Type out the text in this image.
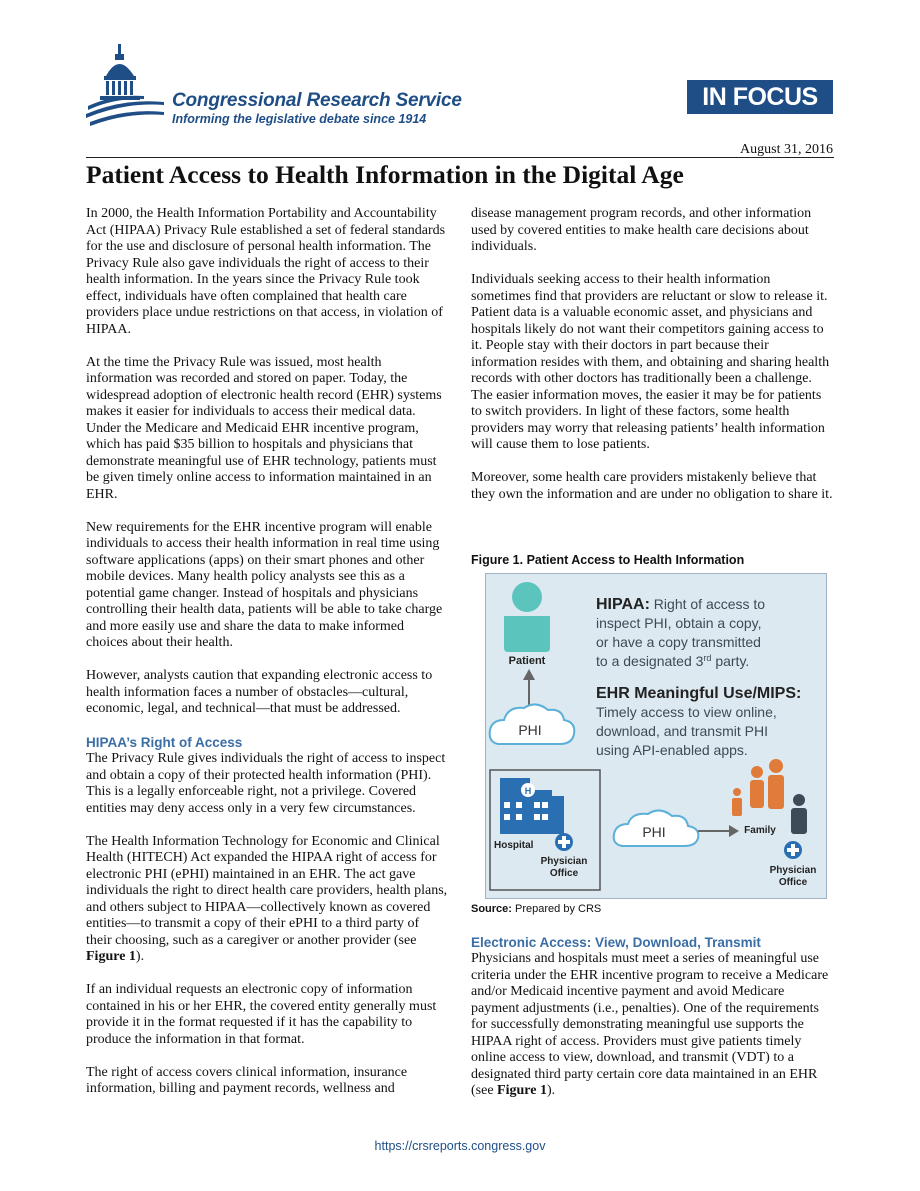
Congressional Research Service
Informing the legislative debate since 1914
IN FOCUS
August 31, 2016
Patient Access to Health Information in the Digital Age

In 2000, the Health Information Portability and Accountability Act (HIPAA) Privacy Rule established a set of federal standards for the use and disclosure of personal health information. The Privacy Rule also gave individuals the right of access to their health information. In the years since the Privacy Rule took effect, individuals have often complained that health care providers place undue restrictions on that access, in violation of HIPAA.

At the time the Privacy Rule was issued, most health information was recorded and stored on paper. Today, the widespread adoption of electronic health record (EHR) systems makes it easier for individuals to access their medical data. Under the Medicare and Medicaid EHR incentive program, which has paid $35 billion to hospitals and physicians that demonstrate meaningful use of EHR technology, patients must be given timely online access to information maintained in an EHR.

New requirements for the EHR incentive program will enable individuals to access their health information in real time using software applications (apps) on their smart phones and other mobile devices. Many health policy analysts see this as a potential game changer. Instead of hospitals and physicians controlling their health data, patients will be able to take charge and more easily use and share the data to make informed choices about their health.

However, analysts caution that expanding electronic access to health information faces a number of obstacles—cultural, economic, legal, and technical—that must be addressed.

HIPAA’s Right of Access

The Privacy Rule gives individuals the right of access to inspect and obtain a copy of their protected health information (PHI). This is a legally enforceable right, not a privilege. Covered entities may deny access only in a very few circumstances.

The Health Information Technology for Economic and Clinical Health (HITECH) Act expanded the HIPAA right of access for electronic PHI (ePHI) maintained in an EHR. The act gave individuals the right to direct health care providers, health plans, and others subject to HIPAA—collectively known as covered entities—to transmit a copy of their ePHI to a third party of their choosing, such as a caregiver or another provider (see Figure 1).

If an individual requests an electronic copy of information contained in his or her EHR, the covered entity generally must provide it in the format requested if it has the capability to produce the information in that format.

The right of access covers clinical information, insurance information, billing and payment records, wellness and

disease management program records, and other information used by covered entities to make health care decisions about individuals.

Individuals seeking access to their health information sometimes find that providers are reluctant or slow to release it. Patient data is a valuable economic asset, and physicians and hospitals likely do not want their competitors gaining access to it. People stay with their doctors in part because their information resides with them, and obtaining and sharing health records with other doctors has traditionally been a challenge. The easier information moves, the easier it may be for patients to switch providers. In light of these factors, some health providers may worry that releasing patients’ health information will cause them to lose patients.

Moreover, some health care providers mistakenly believe that they own the information and are under no obligation to share it.

Figure 1. Patient Access to Health Information
Patient
PHI
H
Hospital
Physician
Office
PHI	Family
Physician
Office
HIPAA: Right of access to
inspect PHI, obtain a copy,
or have a copy transmitted
to a designated 3rd party.
EHR Meaningful Use/MIPS:
Timely access to view online,
download, and transmit PHI
using API-enabled apps.
Source: Prepared by CRS
Electronic Access: View, Download, Transmit

Physicians and hospitals must meet a series of meaningful use criteria under the EHR incentive program to receive a Medicare and/or Medicaid incentive payment and avoid Medicare payment adjustments (i.e., penalties). One of the requirements for successfully demonstrating meaningful use supports the HIPAA right of access. Providers must give patients timely online access to view, download, and transmit (VDT) to a designated third party certain core data maintained in an EHR (see Figure 1).

https://crsreports.congress.gov
